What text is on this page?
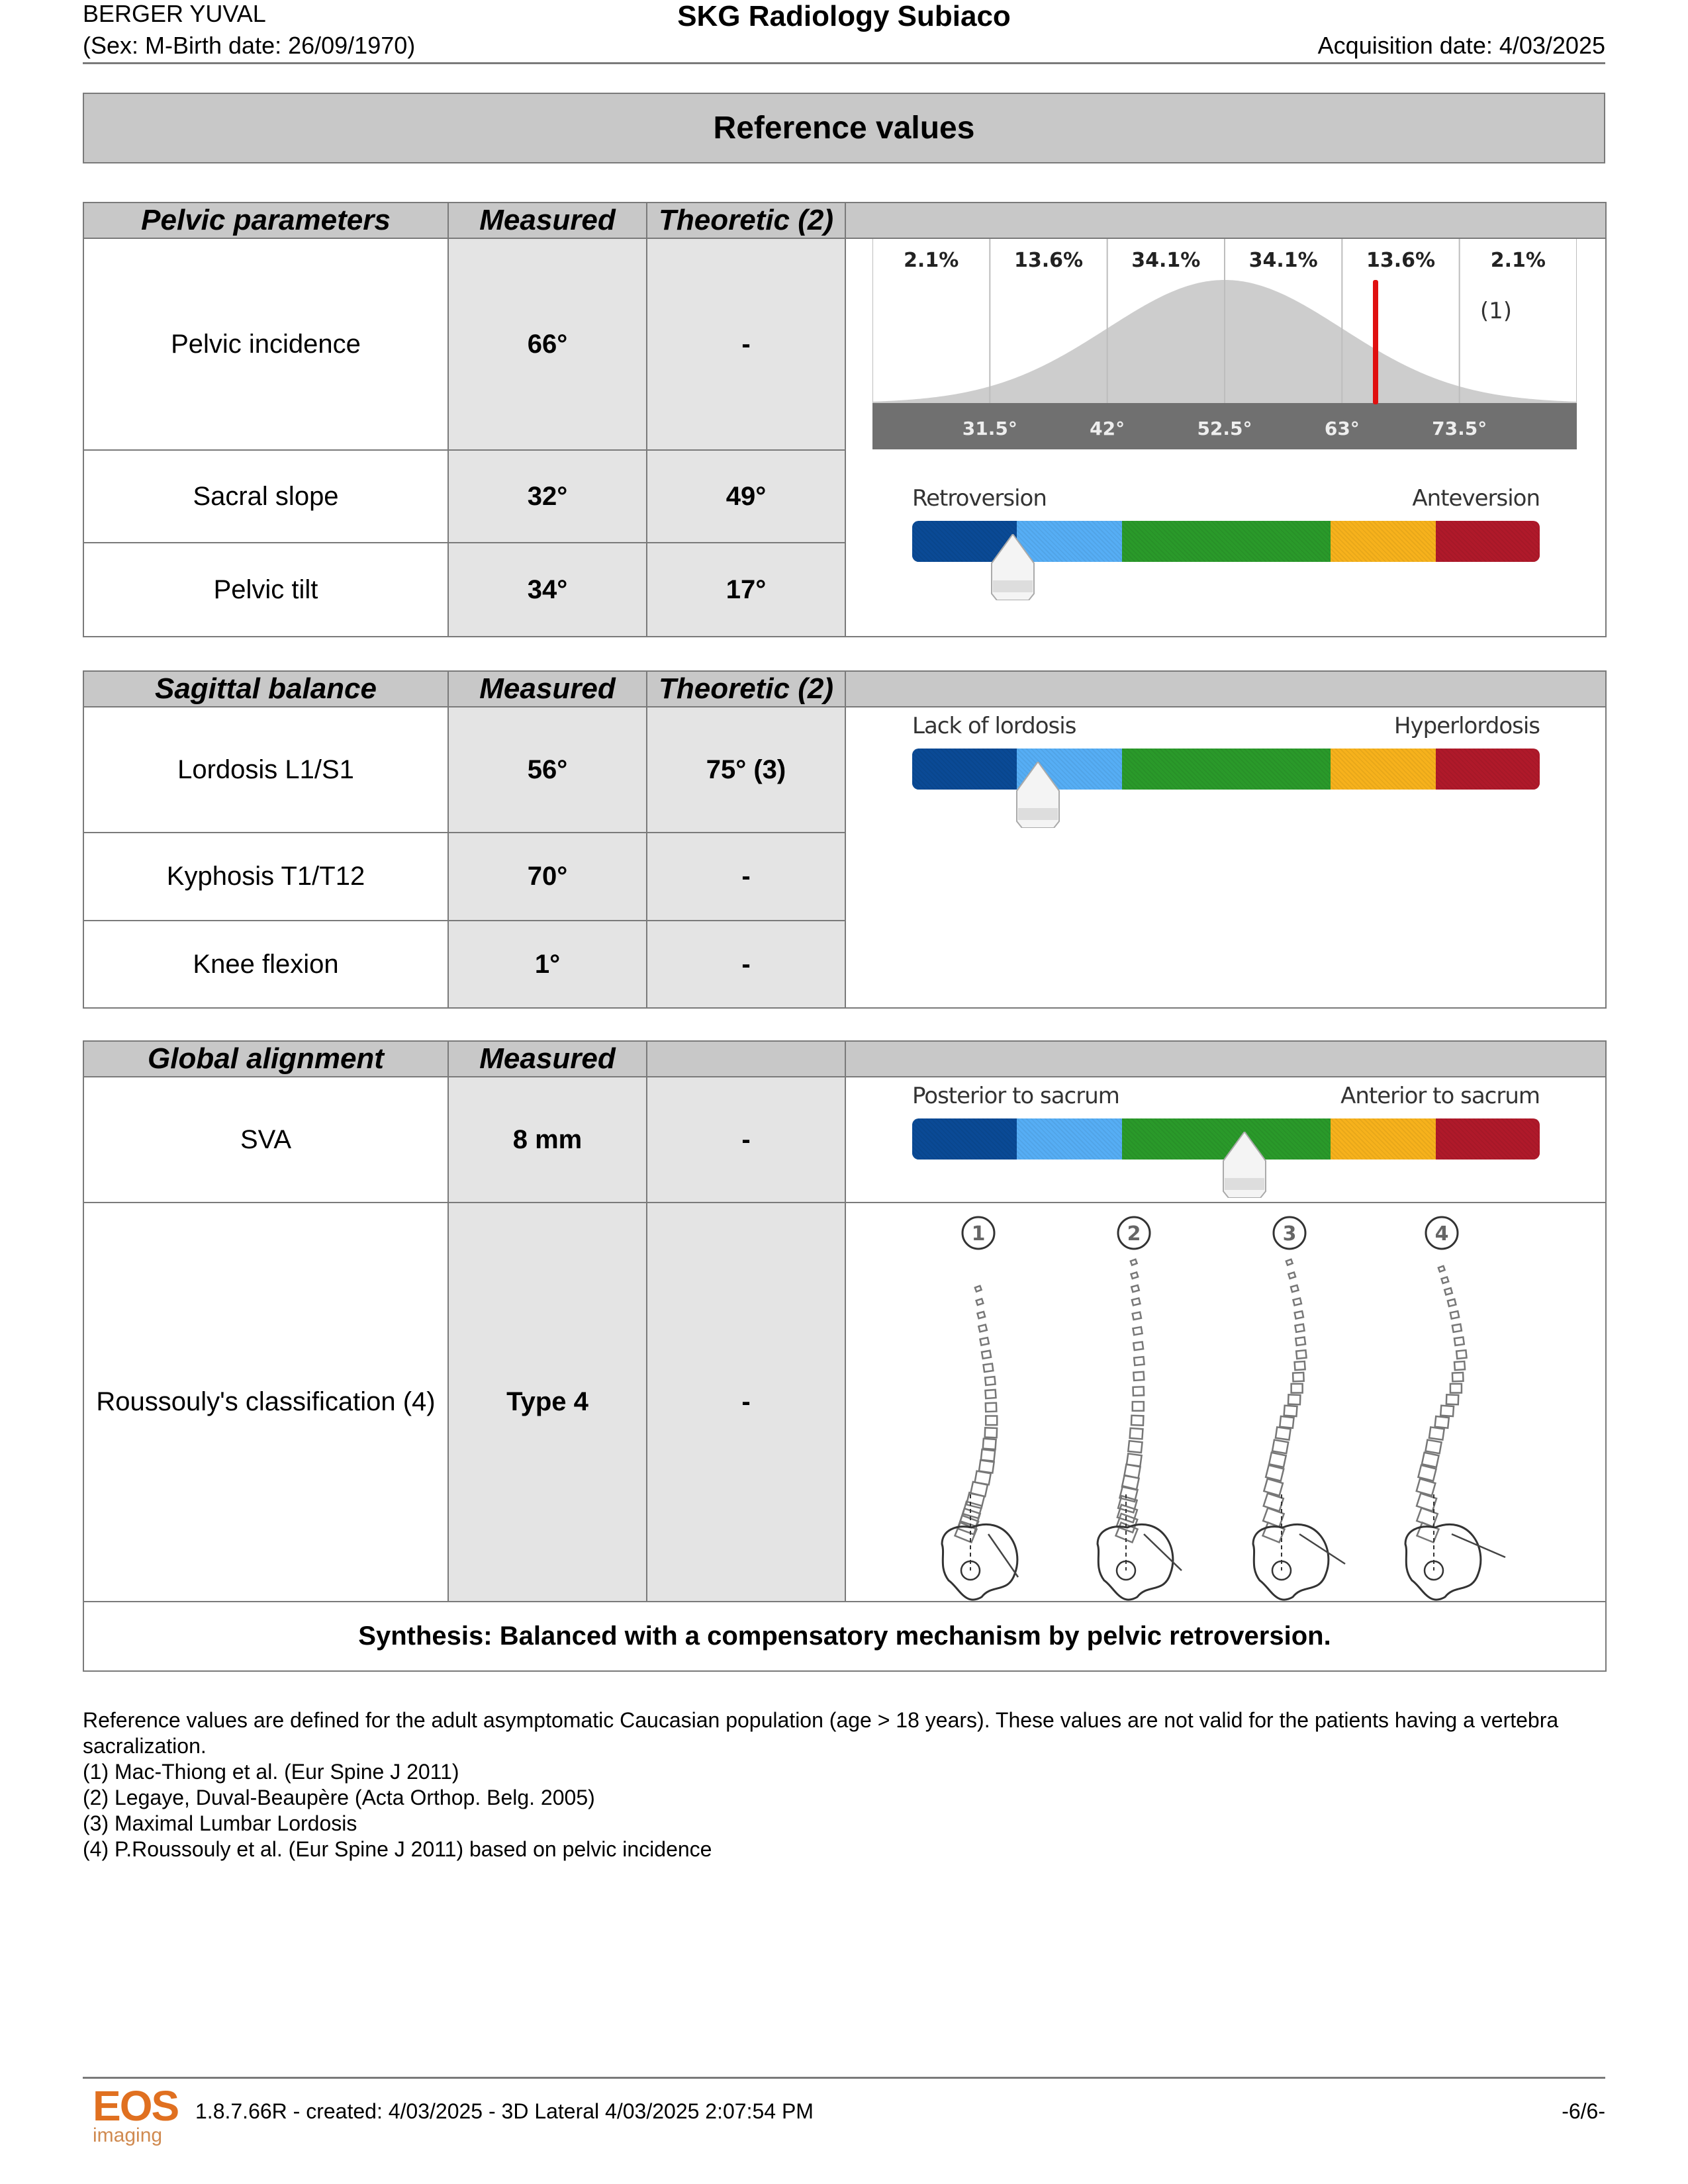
BERGER YUVAL
(Sex: M-Birth date: 26/09/1970)
SKG Radiology Subiaco
Acquisition date: 4/03/2025
Reference values
Pelvic parameters	Measured	Theoretic (2)	
Pelvic incidence	66°	-	
2.1%	13.6% 34.1% 34.1% 13.6%	2.1%
(1)
31.5°	42°	52.5°	63°	73.5°
Retroversion	Anteversion

Sacral slope	32°	49°	
Pelvic tilt	34°	17°	
Sagittal balance	Measured	Theoretic (2)	
Lordosis L1/S1	56°	75° (3)	Lack of lordosis Hyperlordosis

Kyphosis T1/T12	70°	-	
Knee flexion	1°	-	
Global alignment	Measured		
SVA	8 mm	-	Posterior to sacrum Anterior to sacrum

Roussouly's classification (4)	Type 4	-	1 2 3 4

Synthesis: Balanced with a compensatory mechanism by pelvic retroversion.			
Reference values are defined for the adult asymptomatic Caucasian population (age > 18 years). These values are not valid for the patients having a vertebra sacralization.
(1) Mac-Thiong et al. (Eur Spine J 2011)
(2) Legaye, Duval-Beaupère (Acta Orthop. Belg. 2005)
(3) Maximal Lumbar Lordosis
(4) P.Roussouly et al. (Eur Spine J 2011) based on pelvic incidence
EOS
imaging
1.8.7.66R - created: 4/03/2025 - 3D Lateral 4/03/2025 2:07:54 PM	-6/6-
